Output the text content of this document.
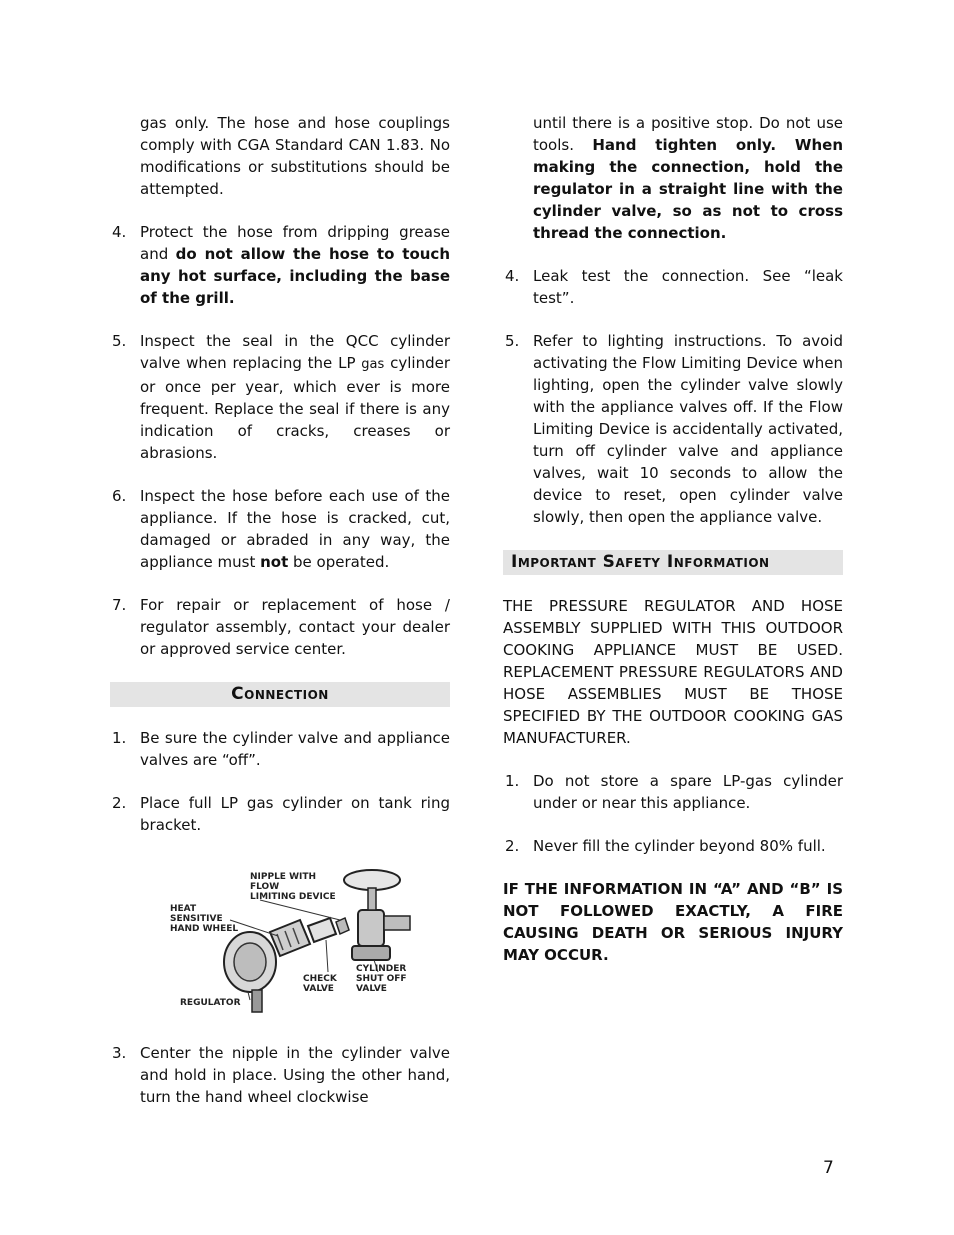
gas only. The hose and hose couplings comply with CGA Standard CAN 1.83. No modifications or substitutions should be attempted.
4. Protect the hose from dripping grease and do not allow the hose to touch any hot surface, including the base of the grill.
5. Inspect the seal in the QCC cylinder valve when replacing the LP gas cylinder or once per year, which ever is more frequent. Replace the seal if there is any indication of cracks, creases or abrasions.
6. Inspect the hose before each use of the appliance. If the hose is cracked, cut, damaged or abraded in any way, the appliance must not be operated.
7. For repair or replacement of hose / regulator assembly, contact your dealer or approved service center.
Connection
1. Be sure the cylinder valve and appliance valves are “off”.
2. Place full LP gas cylinder on tank ring bracket.
NIPPLE WITH
FLOW
LIMITING DEVICE
HEAT
SENSITIVE
HAND WHEEL
CHECK
VALVE
CYLINDER
SHUT OFF
VALVE
REGULATOR
3. Center the nipple in the cylinder valve and hold in place. Using the other hand, turn the hand wheel clockwise
until there is a positive stop. Do not use tools. Hand tighten only. When making the connection, hold the regulator in a straight line with the cylinder valve, so as not to cross thread the connection.
4. Leak test the connection. See “leak test”.
5. Refer to lighting instructions. To avoid activating the Flow Limiting Device when lighting, open the cylinder valve slowly with the appliance valves off. If the Flow Limiting Device is accidentally activated, turn off cylinder valve and appliance valves, wait 10 seconds to allow the device to reset, open cylinder valve slowly, then open the appliance valve.
Important Safety Information
THE PRESSURE REGULATOR AND HOSE ASSEMBLY SUPPLIED WITH THIS OUTDOOR COOKING APPLIANCE MUST BE USED. REPLACEMENT PRESSURE REGULATORS AND HOSE ASSEMBLIES MUST BE THOSE SPECIFIED BY THE OUTDOOR COOKING GAS MANUFACTURER.
1. Do not store a spare LP-gas cylinder under or near this appliance.
2. Never fill the cylinder beyond 80% full.
IF THE INFORMATION IN “A” AND “B” IS NOT FOLLOWED EXACTLY, A FIRE CAUSING DEATH OR SERIOUS INJURY MAY OCCUR.
7
